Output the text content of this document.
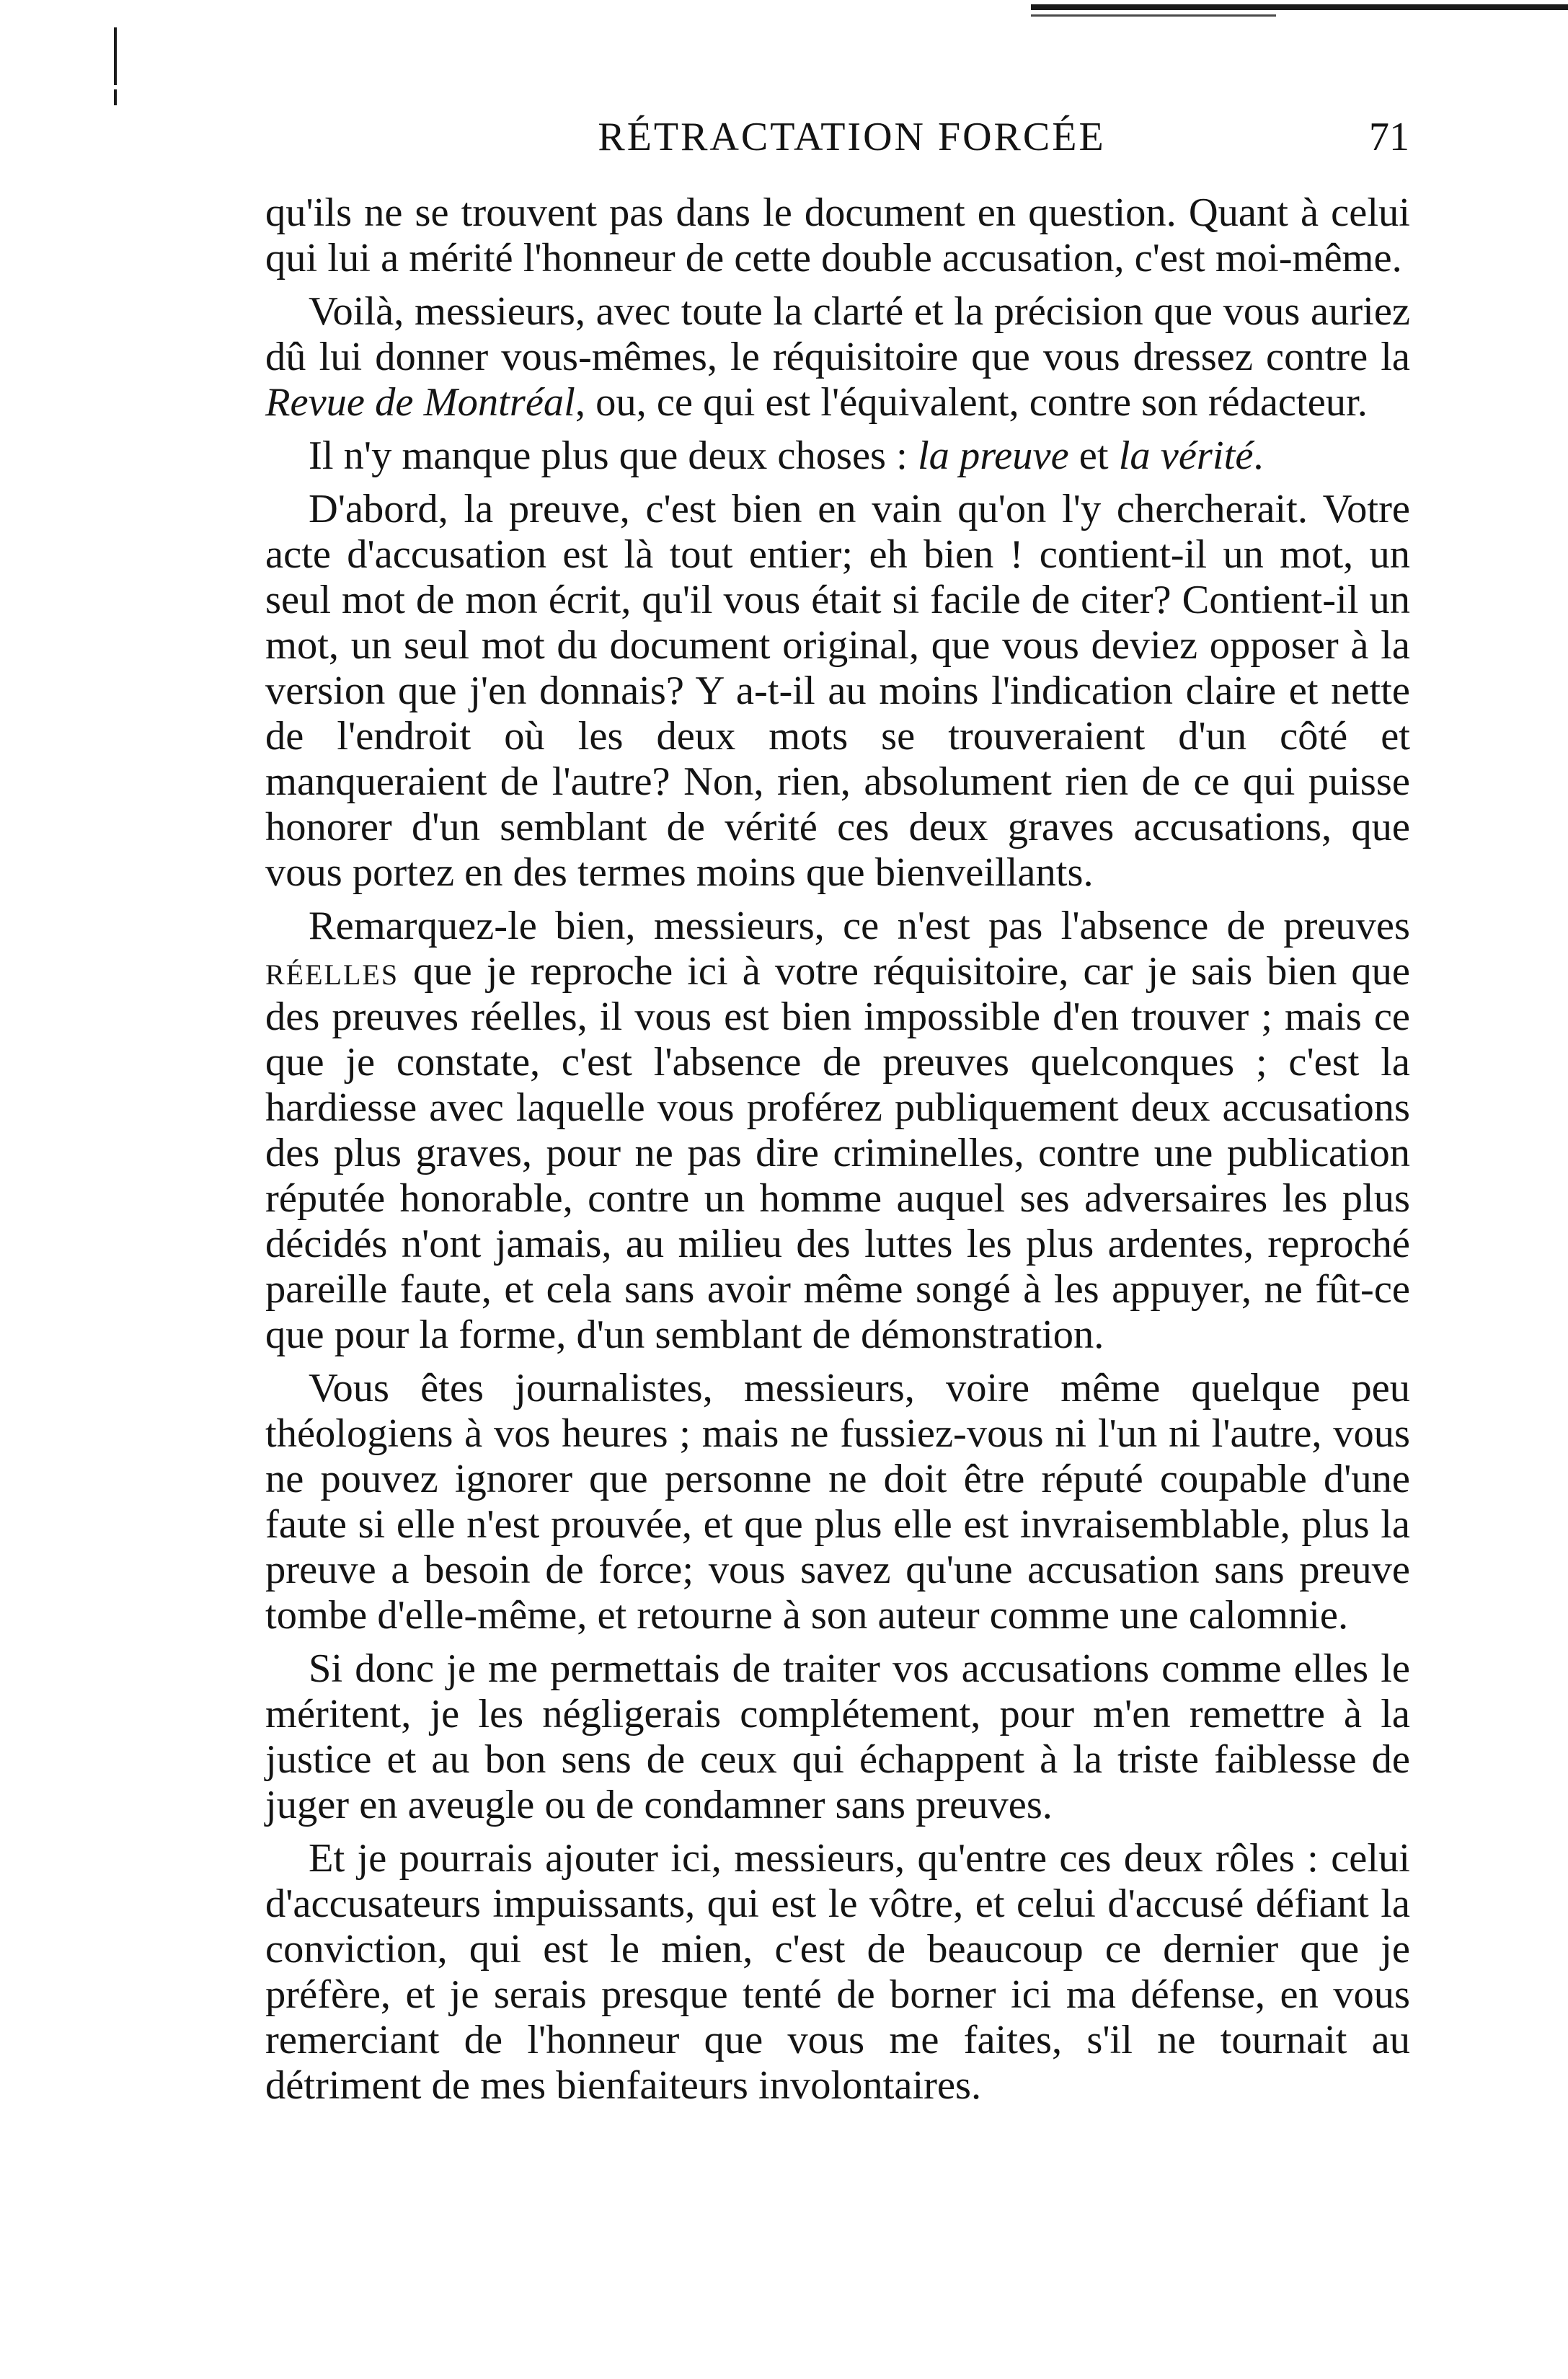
RÉTRACTATION FORCÉE	71

qu'ils ne se trouvent pas dans le document en question. Quant à celui qui lui a mérité l'honneur de cette double accusation, c'est moi-même.

Voilà, messieurs, avec toute la clarté et la précision que vous auriez dû lui donner vous-mêmes, le réquisitoire que vous dressez contre la Revue de Montréal, ou, ce qui est l'équivalent, contre son rédacteur.

Il n'y manque plus que deux choses : la preuve et la vérité.

D'abord, la preuve, c'est bien en vain qu'on l'y chercherait. Votre acte d'accusation est là tout entier; eh bien ! contient-il un mot, un seul mot de mon écrit, qu'il vous était si facile de citer? Contient-il un mot, un seul mot du document original, que vous deviez opposer à la version que j'en donnais? Y a-t-il au moins l'indication claire et nette de l'endroit où les deux mots se trouveraient d'un côté et manqueraient de l'autre? Non, rien, absolument rien de ce qui puisse honorer d'un semblant de vérité ces deux graves accusations, que vous portez en des termes moins que bienveillants.

Remarquez-le bien, messieurs, ce n'est pas l'absence de preuves réelles que je reproche ici à votre réquisitoire, car je sais bien que des preuves réelles, il vous est bien impossible d'en trouver ; mais ce que je constate, c'est l'absence de preuves quelconques ; c'est la hardiesse avec laquelle vous proférez publiquement deux accusations des plus graves, pour ne pas dire criminelles, contre une publication réputée honorable, contre un homme auquel ses adversaires les plus décidés n'ont jamais, au milieu des luttes les plus ardentes, reproché pareille faute, et cela sans avoir même songé à les appuyer, ne fût-ce que pour la forme, d'un semblant de démonstration.

Vous êtes journalistes, messieurs, voire même quelque peu théologiens à vos heures ; mais ne fussiez-vous ni l'un ni l'autre, vous ne pouvez ignorer que personne ne doit être réputé coupable d'une faute si elle n'est prouvée, et que plus elle est invraisemblable, plus la preuve a besoin de force; vous savez qu'une accusation sans preuve tombe d'elle-même, et retourne à son auteur comme une calomnie.

Si donc je me permettais de traiter vos accusations comme elles le méritent, je les négligerais complétement, pour m'en remettre à la justice et au bon sens de ceux qui échappent à la triste faiblesse de juger en aveugle ou de condamner sans preuves.

Et je pourrais ajouter ici, messieurs, qu'entre ces deux rôles : celui d'accusateurs impuissants, qui est le vôtre, et celui d'accusé défiant la conviction, qui est le mien, c'est de beaucoup ce dernier que je préfère, et je serais presque tenté de borner ici ma défense, en vous remerciant de l'honneur que vous me faites, s'il ne tournait au détriment de mes bienfaiteurs involontaires.
